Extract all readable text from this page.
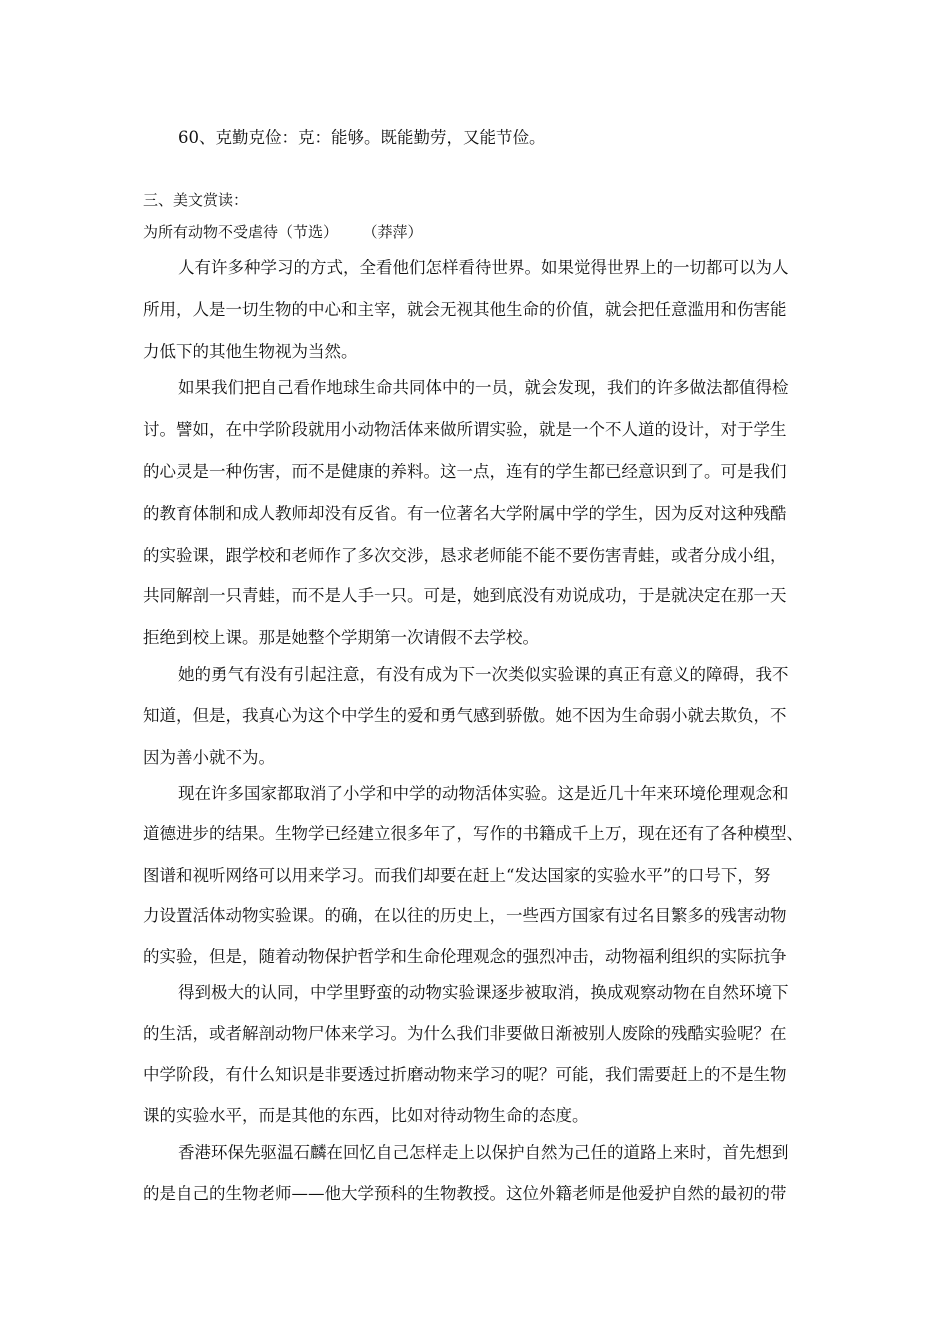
60、克勤克俭：克：能够。既能勤劳，又能节俭。
三、美文赏读：
为所有动物不受虐待（节选） （莽萍）
人有许多种学习的方式，全看他们怎样看待世界。如果觉得世界上的一切都可以为人
所用，人是一切生物的中心和主宰，就会无视其他生命的价值，就会把任意滥用和伤害能
力低下的其他生物视为当然。
如果我们把自己看作地球生命共同体中的一员，就会发现，我们的许多做法都值得检
讨。譬如，在中学阶段就用小动物活体来做所谓实验，就是一个不人道的设计，对于学生
的心灵是一种伤害，而不是健康的养料。这一点，连有的学生都已经意识到了。可是我们
的教育体制和成人教师却没有反省。有一位著名大学附属中学的学生，因为反对这种残酷
的实验课，跟学校和老师作了多次交涉，恳求老师能不能不要伤害青蛙，或者分成小组，
共同解剖一只青蛙，而不是人手一只。可是，她到底没有劝说成功，于是就决定在那一天
拒绝到校上课。那是她整个学期第一次请假不去学校。
她的勇气有没有引起注意，有没有成为下一次类似实验课的真正有意义的障碍，我不
知道，但是，我真心为这个中学生的爱和勇气感到骄傲。她不因为生命弱小就去欺负，不
因为善小就不为。
现在许多国家都取消了小学和中学的动物活体实验。这是近几十年来环境伦理观念和
道德进步的结果。生物学已经建立很多年了，写作的书籍成千上万，现在还有了各种模型、
图谱和视听网络可以用来学习。而我们却要在赶上“发达国家的实验水平”的口号下，努
力设置活体动物实验课。的确，在以往的历史上，一些西方国家有过名目繁多的残害动物
的实验，但是，随着动物保护哲学和生命伦理观念的强烈冲击，动物福利组织的实际抗争
得到极大的认同，中学里野蛮的动物实验课逐步被取消，换成观察动物在自然环境下
的生活，或者解剖动物尸体来学习。为什么我们非要做日渐被别人废除的残酷实验呢？在
中学阶段，有什么知识是非要透过折磨动物来学习的呢？可能，我们需要赶上的不是生物
课的实验水平，而是其他的东西，比如对待动物生命的态度。
香港环保先驱温石麟在回忆自己怎样走上以保护自然为己任的道路上来时，首先想到
的是自己的生物老师——他大学预科的生物教授。这位外籍老师是他爱护自然的最初的带
